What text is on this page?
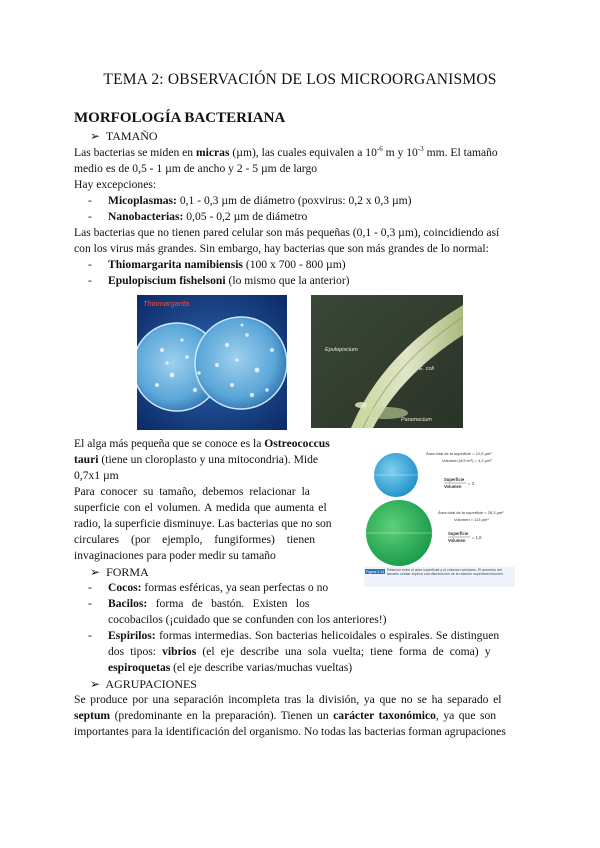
TEMA 2: OBSERVACIÓN DE LOS MICROORGANISMOS
MORFOLOGÍA BACTERIANA
➢ TAMAÑO
Las bacterias se miden en micras (µm), las cuales equivalen a $10^{-6}$ m y $10^{-3}$ mm. El tamaño
medio es de 0,5 - 1 µm de ancho y 2 - 5 µm de largo
Hay excepciones:
- Micoplasmas: 0,1 - 0,3 µm de diámetro (poxvirus: 0,2 x 0,3 µm)
- Nanobacterias: 0,05 - 0,2 µm de diámetro
Las bacterias que no tienen pared celular son más pequeñas (0,1 - 0,3 µm), coincidiendo así
con los virus más grandes. Sin embargo, hay bacterias que son más grandes de lo normal:
- Thiomargarita namibiensis (100 x 700 - 800 µm)
- Epulopiscium fishelsoni (lo mismo que la anterior)
Thiomargarita
Epulopiscium
E. coli
Paramecium
Área total de la superficie = 12,6 µm²
Volumen (4/3 πr³) = 4,2 µm³
Superficie
Volumen
= 3
Área total de la superficie = 28,3 µm²
Volumen = 113 µm³
Superficie
Volumen
= 1,6
Figura 3.14 Relación entre el área superficial y el volumen celulares. El aumento del tamaño celular implica una disminución de la relación superficie/volumen.
El alga más pequeña que se conoce es la Ostreococcus
tauri (tiene un cloroplasto y una mitocondria). Mide
0,7x1 µm
Para conocer su tamaño, debemos relacionar la
superficie con el volumen. A medida que aumenta el
radio, la superficie disminuye. Las bacterias que no son
circulares (por ejemplo, fungiformes) tienen
invaginaciones para poder medir su tamaño
➢ FORMA
- Cocos: formas esféricas, ya sean perfectas o no
- Bacilos: forma de bastón. Existen los
cocobacilos (¡cuidado que se confunden con los anteriores!)
- Espirilos: formas intermedias. Son bacterias helicoidales o espirales. Se distinguen
dos tipos: vibrios (el eje describe una sola vuelta; tiene forma de coma) y
espiroquetas (el eje describe varias/muchas vueltas)
➢ AGRUPACIONES
Se produce por una separación incompleta tras la división, ya que no se ha separado el
septum (predominante en la preparación). Tienen un carácter taxonómico, ya que son
importantes para la identificación del organismo. No todas las bacterias forman agrupaciones
